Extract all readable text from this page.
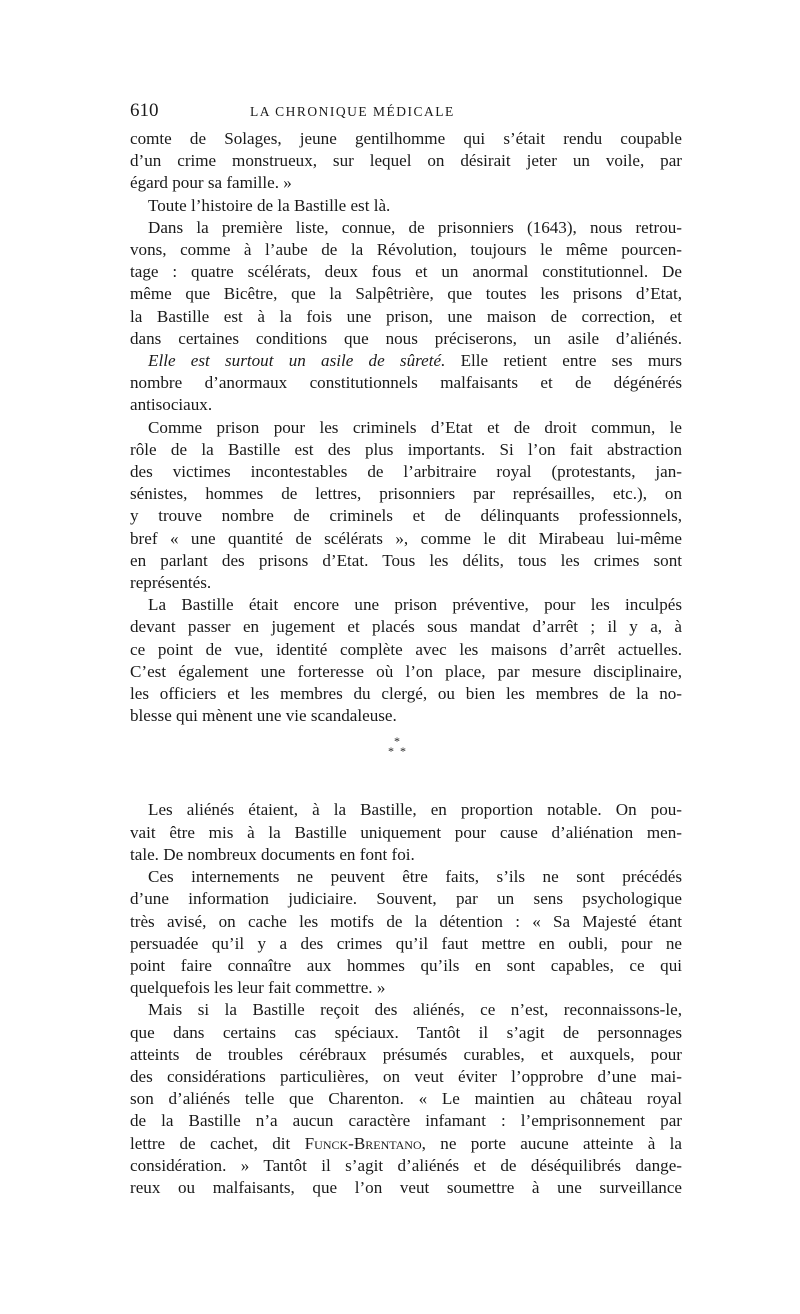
610	LA CHRONIQUE MÉDICALE
comte de Solages, jeune gentilhomme qui s’était rendu coupable
d’un crime monstrueux, sur lequel on désirait jeter un voile, par
égard pour sa famille. »
Toute l’histoire de la Bastille est là.
Dans la première liste, connue, de prisonniers (1643), nous retrou-
vons, comme à l’aube de la Révolution, toujours le même pourcen-
tage : quatre scélérats, deux fous et un anormal constitutionnel. De
même que Bicêtre, que la Salpêtrière, que toutes les prisons d’Etat,
la Bastille est à la fois une prison, une maison de correction, et
dans certaines conditions que nous préciserons, un asile d’aliénés.
Elle est surtout un asile de sûreté. Elle retient entre ses murs
nombre d’anormaux constitutionnels malfaisants et de dégénérés
antisociaux.
Comme prison pour les criminels d’Etat et de droit commun, le
rôle de la Bastille est des plus importants. Si l’on fait abstraction
des victimes incontestables de l’arbitraire royal (protestants, jan-
sénistes, hommes de lettres, prisonniers par représailles, etc.), on
y trouve nombre de criminels et de délinquants professionnels,
bref « une quantité de scélérats », comme le dit Mirabeau lui-même
en parlant des prisons d’Etat. Tous les délits, tous les crimes sont
représentés.
La Bastille était encore une prison préventive, pour les inculpés
devant passer en jugement et placés sous mandat d’arrêt ; il y a, à
ce point de vue, identité complète avec les maisons d’arrêt actuelles.
C’est également une forteresse où l’on place, par mesure disciplinaire,
les officiers et les membres du clergé, ou bien les membres de la no-
blesse qui mènent une vie scandaleuse.
*
* *
Les aliénés étaient, à la Bastille, en proportion notable. On pou-
vait être mis à la Bastille uniquement pour cause d’aliénation men-
tale. De nombreux documents en font foi.
Ces internements ne peuvent être faits, s’ils ne sont précédés
d’une information judiciaire. Souvent, par un sens psychologique
très avisé, on cache les motifs de la détention : « Sa Majesté étant
persuadée qu’il y a des crimes qu’il faut mettre en oubli, pour ne
point faire connaître aux hommes qu’ils en sont capables, ce qui
quelquefois les leur fait commettre. »
Mais si la Bastille reçoit des aliénés, ce n’est, reconnaissons-le,
que dans certains cas spéciaux. Tantôt il s’agit de personnages
atteints de troubles cérébraux présumés curables, et auxquels, pour
des considérations particulières, on veut éviter l’opprobre d’une mai-
son d’aliénés telle que Charenton. « Le maintien au château royal
de la Bastille n’a aucun caractère infamant : l’emprisonnement par
lettre de cachet, dit Funck-Brentano, ne porte aucune atteinte à la
considération. » Tantôt il s’agit d’aliénés et de déséquilibrés dange-
reux ou malfaisants, que l’on veut soumettre à une surveillance
